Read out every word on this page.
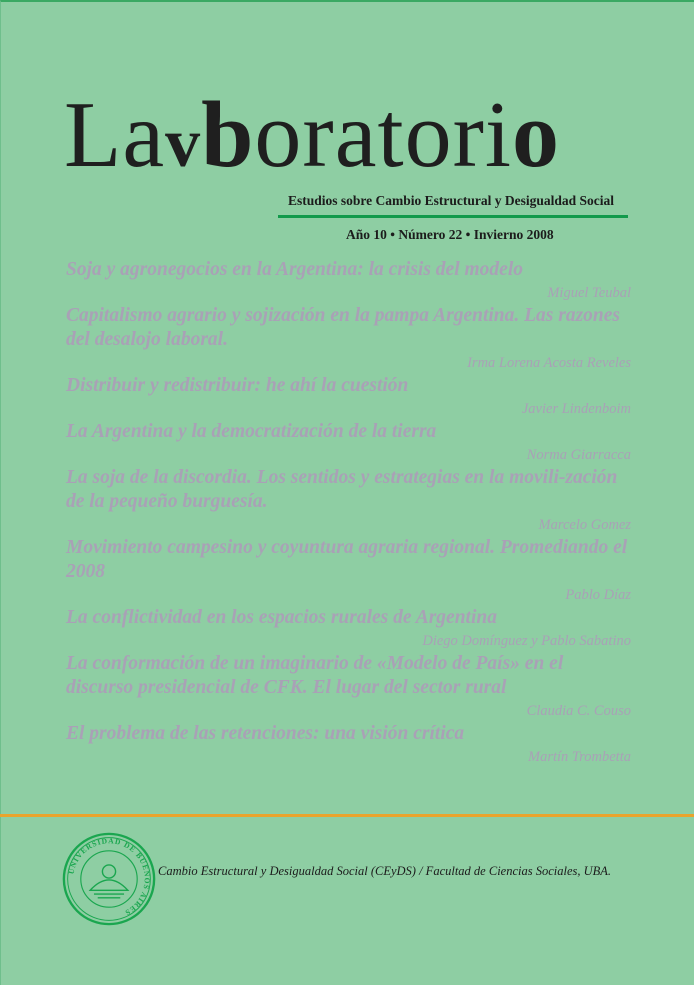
Lavboratorio
Estudios sobre Cambio Estructural y Desigualdad Social
Año 10 • Número 22 • Invierno 2008

Soja y agronegocios en la Argentina: la crisis del modelo

Miguel Teubal

Capitalismo agrario y sojización en la pampa Argentina. Las razones del desalojo laboral.

Irma Lorena Acosta Reveles

Distribuir y redistribuir: he ahí la cuestión

Javier Lindenboim

La Argentina y la democratización de la tierra

Norma Giarracca

La soja de la discordia. Los sentidos y estrategias en la movili-zación de la pequeño burguesía.

Marcelo Gomez

Movimiento campesino y coyuntura agraria regional. Promediando el 2008

Pablo Díaz

La conflictividad en los espacios rurales de Argentina

Diego Domínguez y Pablo Sabatino

La conformación de un imaginario de «Modelo de País» en el discurso presidencial de CFK. El lugar del sector rural

Claudia C. Couso

El problema de las retenciones: una visión crítica

Martín Trombetta

UNIVERSIDAD DE BUENOS AIRES
Cambio Estructural y Desigualdad Social (CEyDS) / Facultad de Ciencias Sociales, UBA.
